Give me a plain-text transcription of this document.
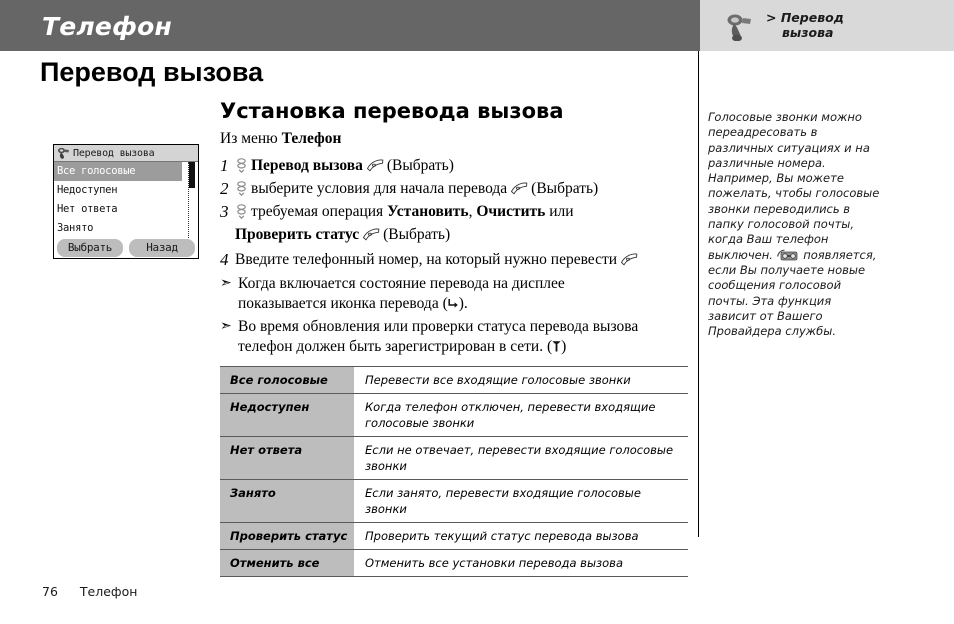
Телефон	> Перевод
вызова
Перевод вызова
Установка перевода вызова
Перевод вызова
Все голосовые
Недоступен
Нет ответа
Занято
Выбрать	Назад
Из меню Телефон
1	Перевод вызова (Выбрать)
2	выберите условия для начала перевода (Выбрать)
3	требуемая операция Установить, Очистить или
Проверить статус (Выбрать)
4 Введите телефонный номер, на который нужно перевести
➣ Когда включается состояние перевода на дисплее
показывается иконка перевода ( ).
➣ Во время обновления или проверки статуса перевода вызова
телефон должен быть зарегистрирован в сети. ( )
Все голосовые	Перевести все входящие голосовые звонки
Недоступен	Когда телефон отключен, перевести входящие голосовые звонки
Нет ответа	Если не отвечает, перевести входящие голосовые звонки
Занято	Если занято, перевести входящие голосовые звонки
Проверить статус	Проверить текущий статус перевода вызова
Отменить все	Отменить все установки перевода вызова
Голосовые звонки можно переадресовать в различных ситуациях и на различные номера. Например, Вы можете пожелать, чтобы голосовые звонки переводились в папку голосовой почты, когда Ваш телефон выключен.  появляется, если Вы получаете новые сообщения голосовой почты. Эта функция зависит от Вашего Провайдера службы.
76 Телефон
